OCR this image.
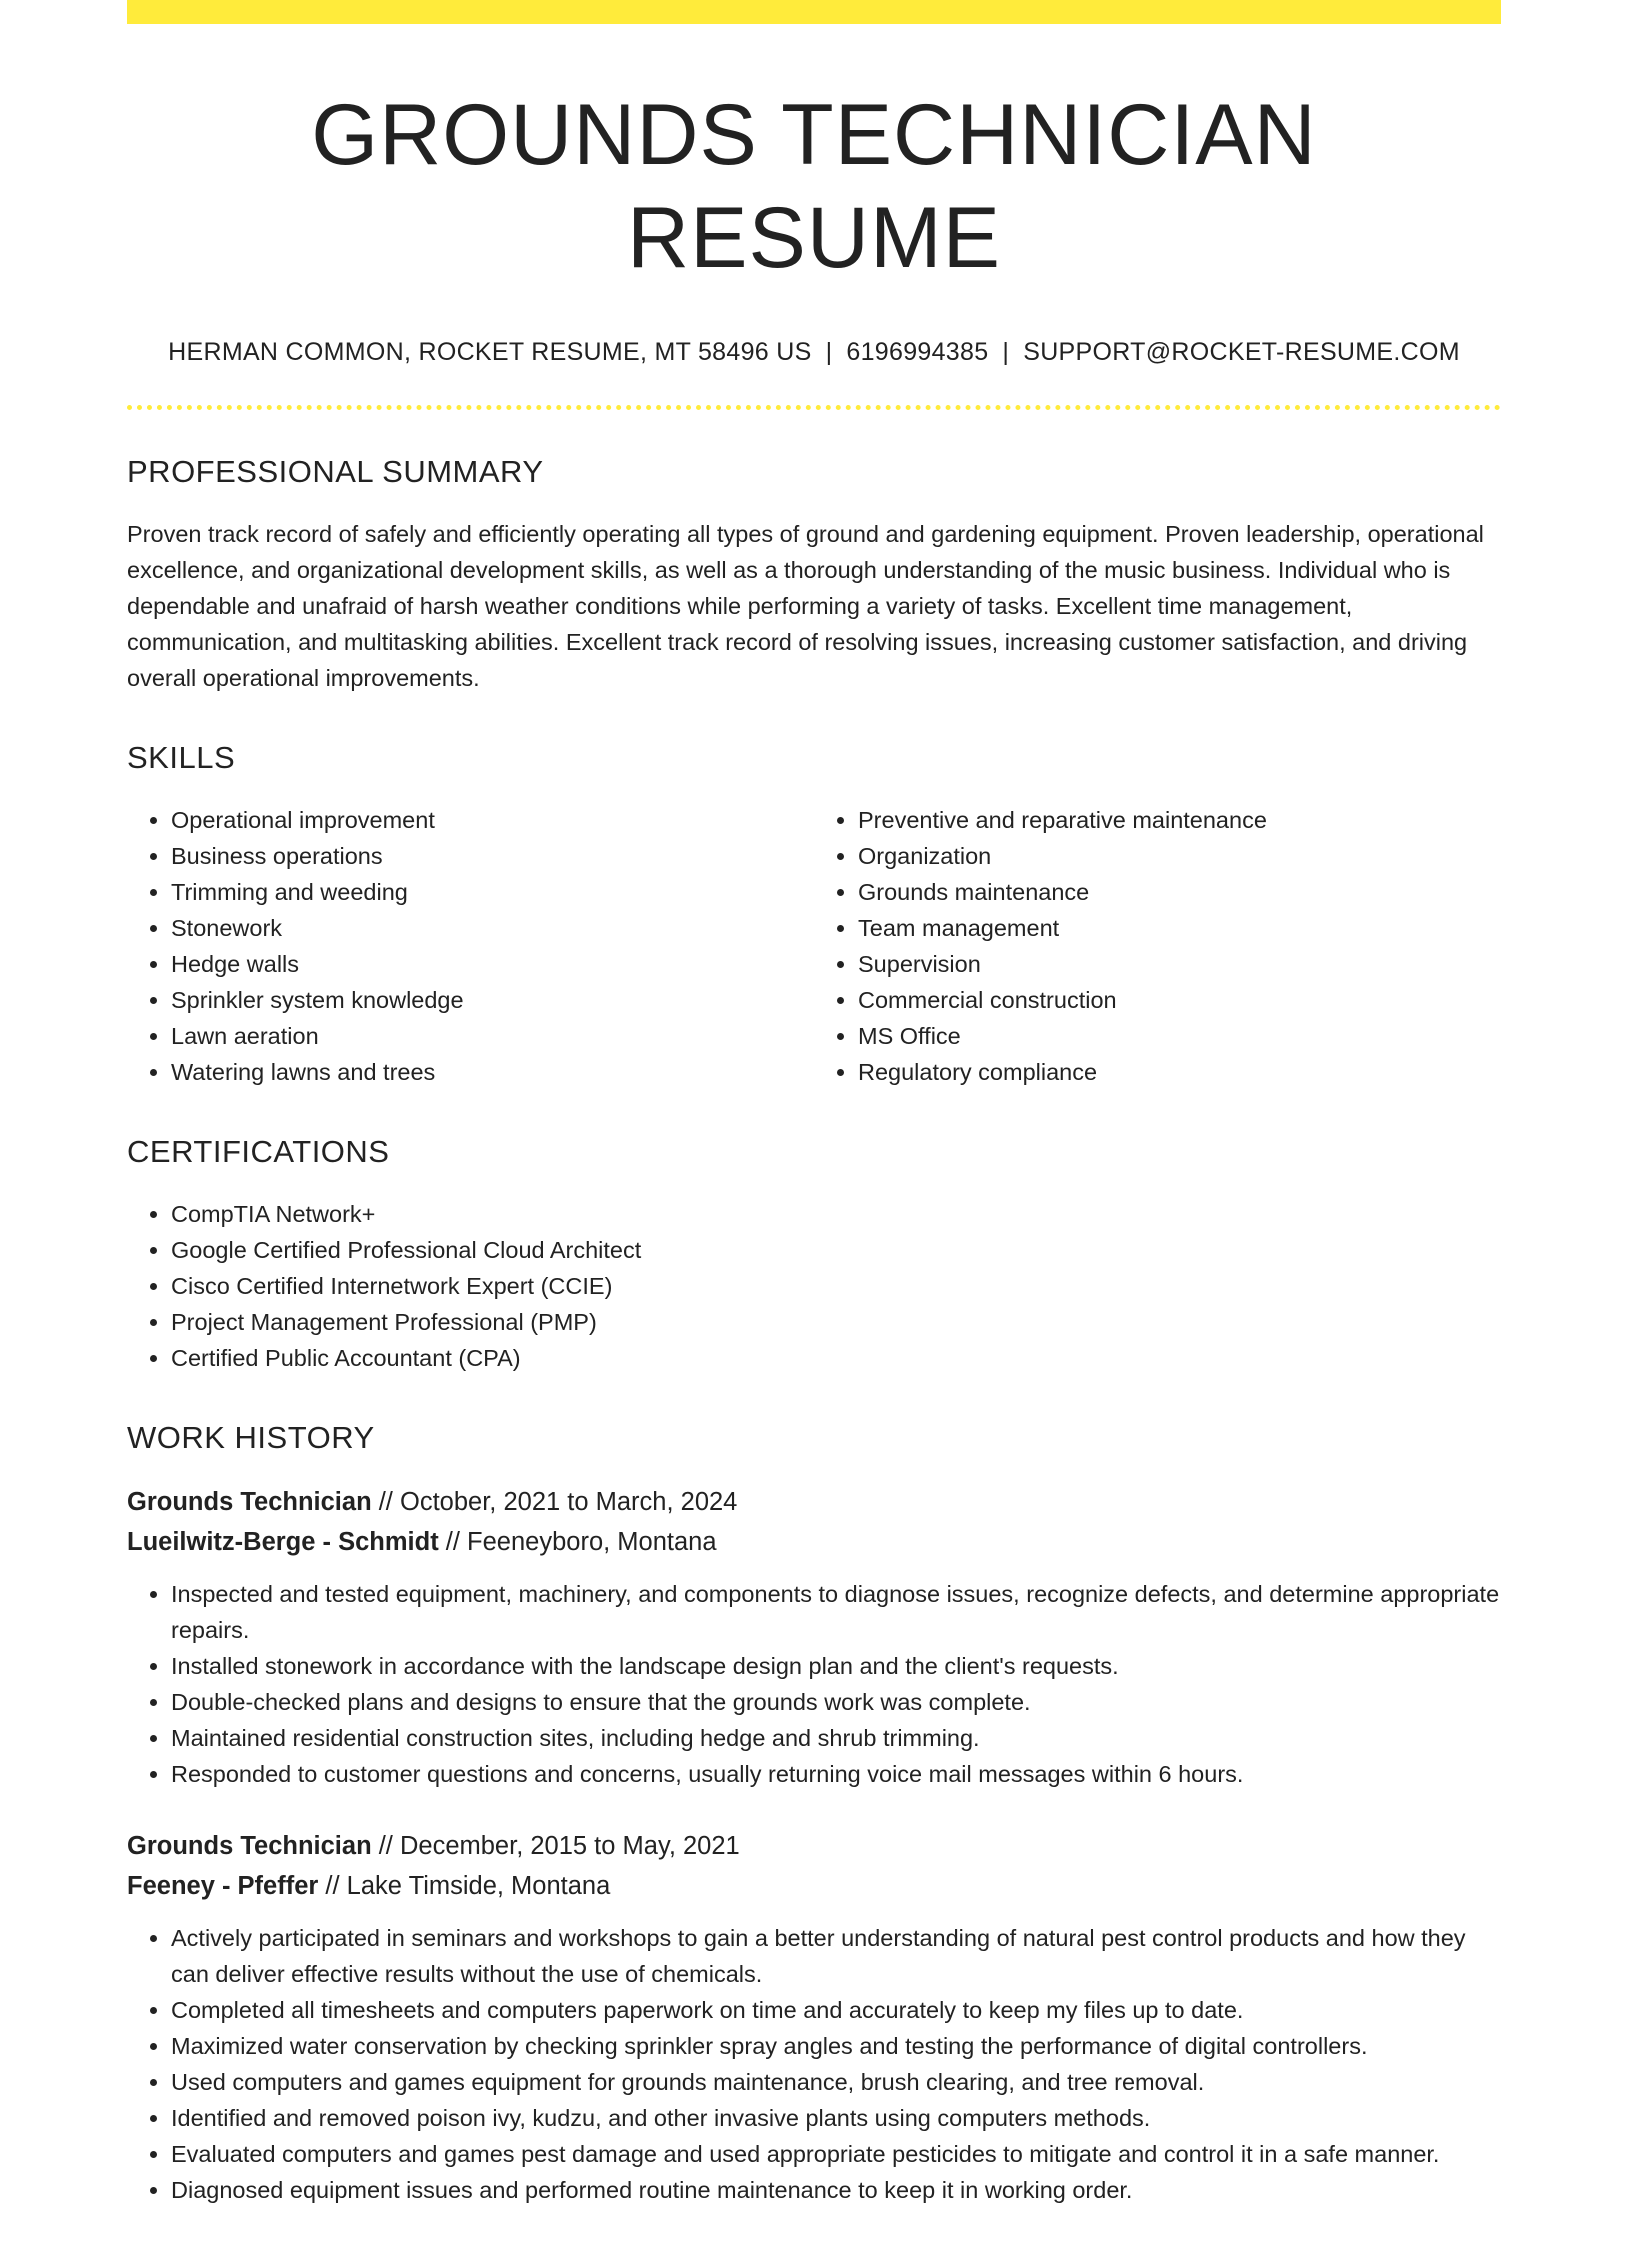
GROUNDS TECHNICIAN RESUME
HERMAN COMMON, ROCKET RESUME, MT 58496 US | 6196994385 | SUPPORT@ROCKET-RESUME.COM
PROFESSIONAL SUMMARY

Proven track record of safely and efficiently operating all types of ground and gardening equipment. Proven leadership, operational excellence, and organizational development skills, as well as a thorough understanding of the music business. Individual who is dependable and unafraid of harsh weather conditions while performing a variety of tasks. Excellent time management, communication, and multitasking abilities. Excellent track record of resolving issues, increasing customer satisfaction, and driving overall operational improvements.

SKILLS
• Operational improvement
• Business operations
• Trimming and weeding
• Stonework
• Hedge walls
• Sprinkler system knowledge
• Lawn aeration
• Watering lawns and trees
• Preventive and reparative maintenance
• Organization
• Grounds maintenance
• Team management
• Supervision
• Commercial construction
• MS Office
• Regulatory compliance
CERTIFICATIONS
• CompTIA Network+
• Google Certified Professional Cloud Architect
• Cisco Certified Internetwork Expert (CCIE)
• Project Management Professional (PMP)
• Certified Public Accountant (CPA)
WORK HISTORY
Grounds Technician // October, 2021 to March, 2024
Lueilwitz-Berge - Schmidt // Feeneyboro, Montana
• Inspected and tested equipment, machinery, and components to diagnose issues, recognize defects, and determine appropriate repairs.
• Installed stonework in accordance with the landscape design plan and the client's requests.
• Double-checked plans and designs to ensure that the grounds work was complete.
• Maintained residential construction sites, including hedge and shrub trimming.
• Responded to customer questions and concerns, usually returning voice mail messages within 6 hours.
Grounds Technician // December, 2015 to May, 2021
Feeney - Pfeffer // Lake Timside, Montana
• Actively participated in seminars and workshops to gain a better understanding of natural pest control products and how they can deliver effective results without the use of chemicals.
• Completed all timesheets and computers paperwork on time and accurately to keep my files up to date.
• Maximized water conservation by checking sprinkler spray angles and testing the performance of digital controllers.
• Used computers and games equipment for grounds maintenance, brush clearing, and tree removal.
• Identified and removed poison ivy, kudzu, and other invasive plants using computers methods.
• Evaluated computers and games pest damage and used appropriate pesticides to mitigate and control it in a safe manner.
• Diagnosed equipment issues and performed routine maintenance to keep it in working order.
